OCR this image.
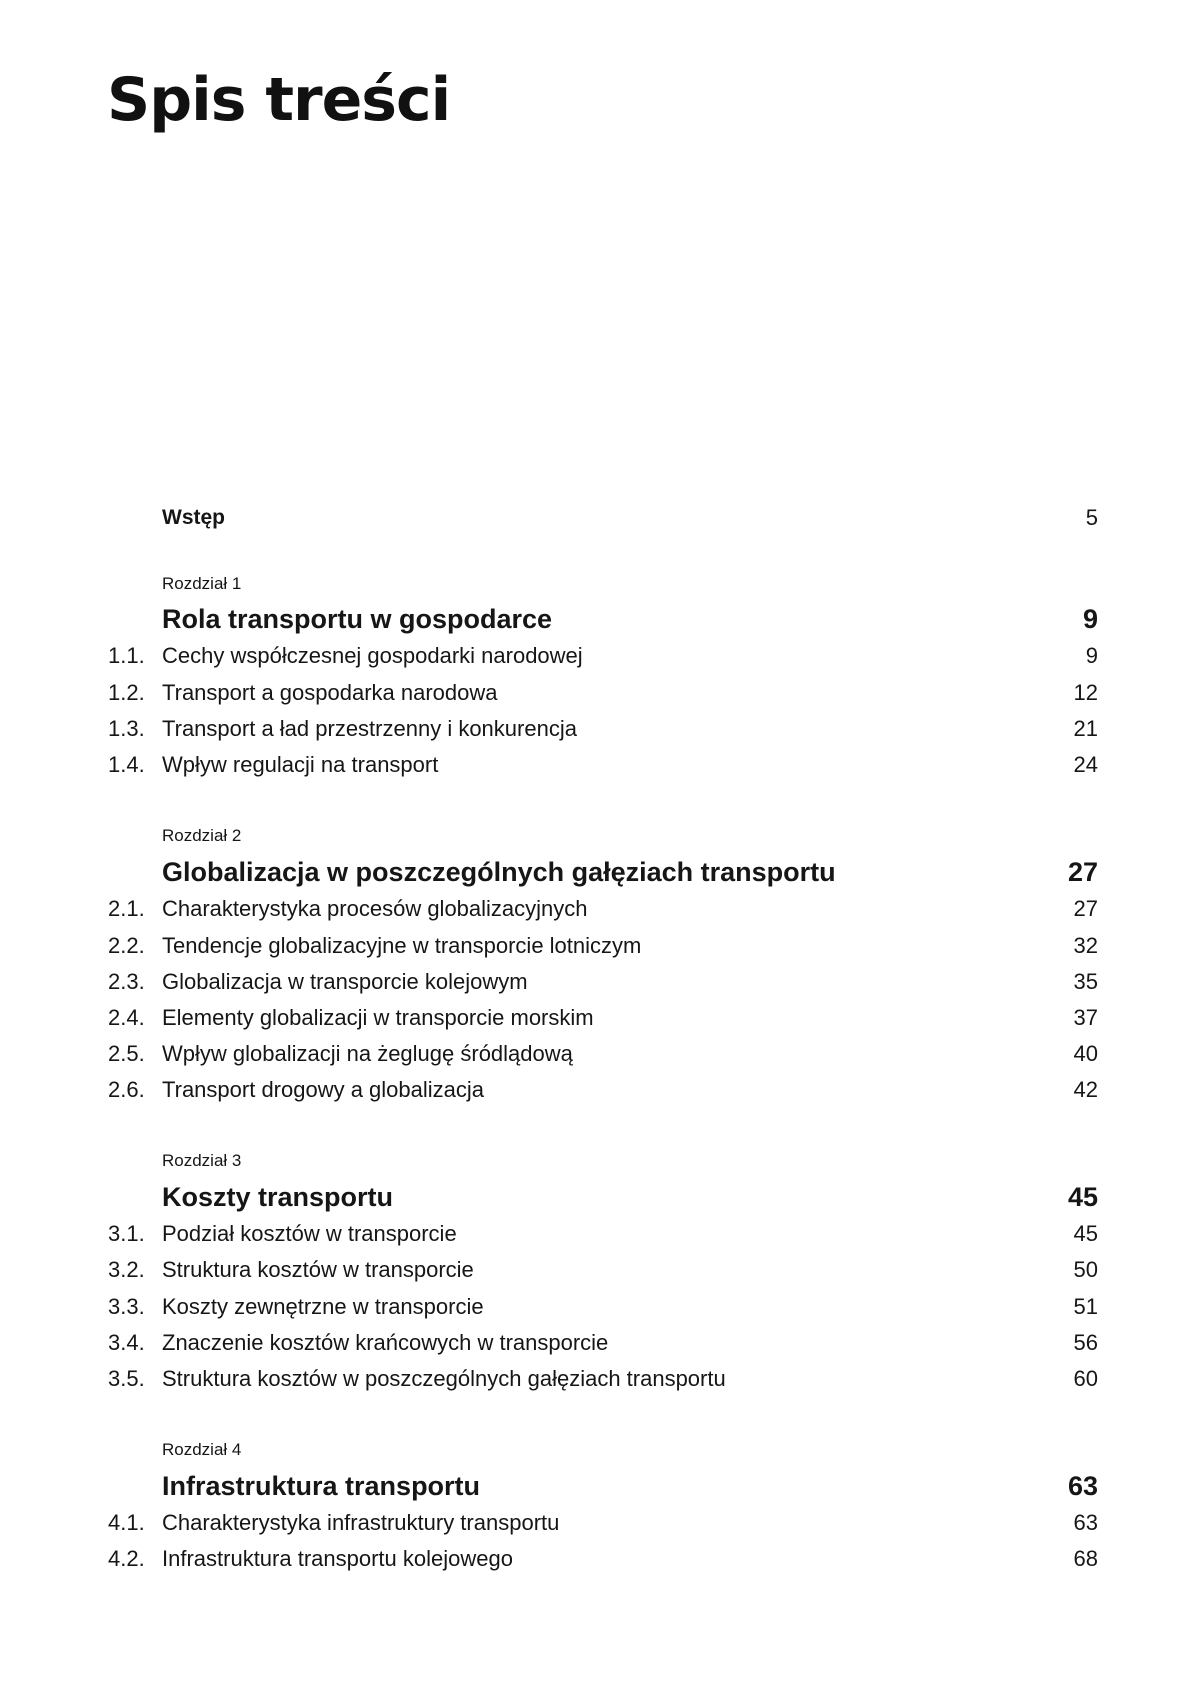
Spis treści
Wstęp	5
Rozdział 1
Rola transportu w gospodarce	9
1.1. Cechy współczesnej gospodarki narodowej	9
1.2. Transport a gospodarka narodowa	12
1.3. Transport a ład przestrzenny i konkurencja	21
1.4. Wpływ regulacji na transport	24
Rozdział 2
Globalizacja w poszczególnych gałęziach transportu	27
2.1. Charakterystyka procesów globalizacyjnych	27
2.2. Tendencje globalizacyjne w transporcie lotniczym	32
2.3. Globalizacja w transporcie kolejowym	35
2.4. Elementy globalizacji w transporcie morskim	37
2.5. Wpływ globalizacji na żeglugę śródlądową	40
2.6. Transport drogowy a globalizacja	42
Rozdział 3
Koszty transportu	45
3.1. Podział kosztów w transporcie	45
3.2. Struktura kosztów w transporcie	50
3.3. Koszty zewnętrzne w transporcie	51
3.4. Znaczenie kosztów krańcowych w transporcie	56
3.5. Struktura kosztów w poszczególnych gałęziach transportu	60
Rozdział 4
Infrastruktura transportu	63
4.1. Charakterystyka infrastruktury transportu	63
4.2. Infrastruktura transportu kolejowego	68
